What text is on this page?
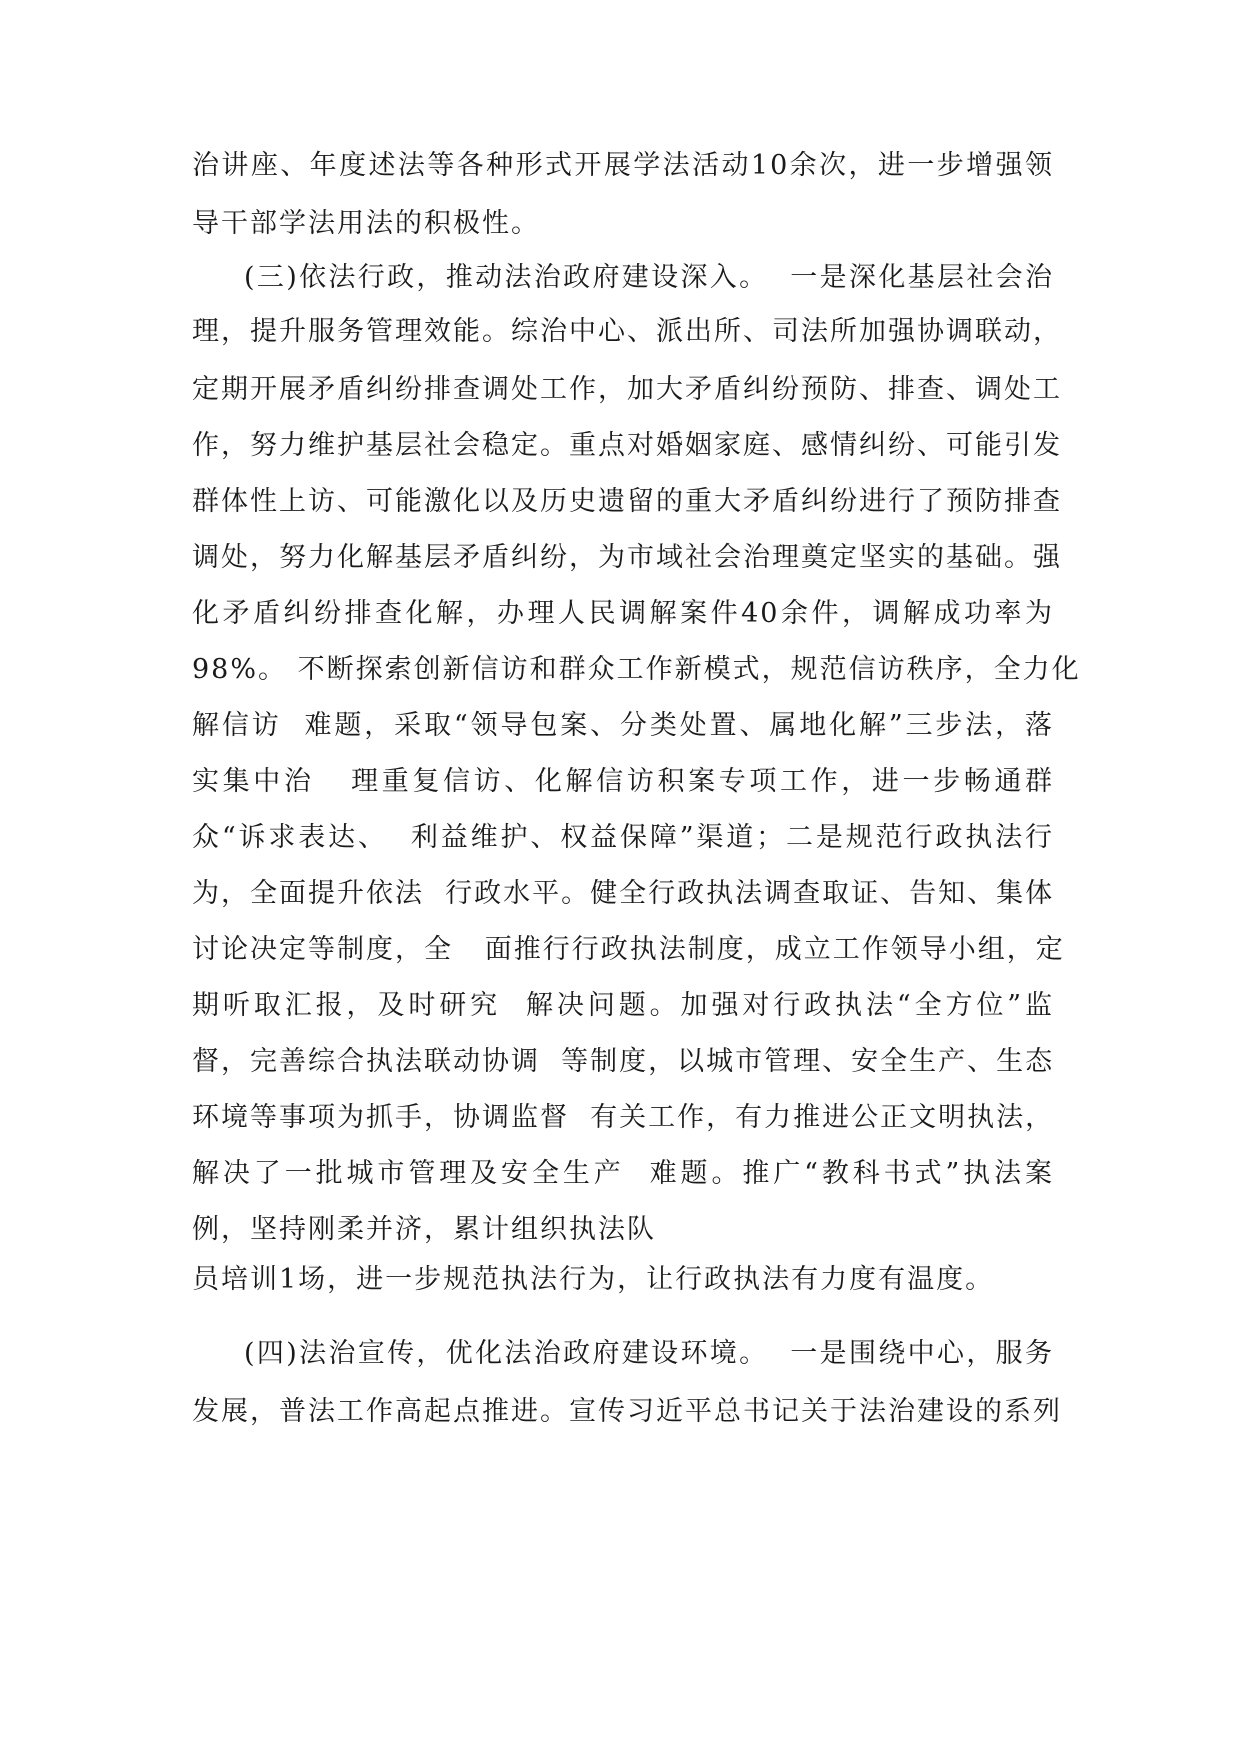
治讲座、年度述法等各种形式开展学法活动10余次，进一步增强领
导干部学法用法的积极性。
(三)依法行政，推动法治政府建设深入。  一是深化基层社会治
理，提升服务管理效能。综治中心、派出所、司法所加强协调联动，
定期开展矛盾纠纷排查调处工作，加大矛盾纠纷预防、排查、调处工
作，努力维护基层社会稳定。重点对婚姻家庭、感情纠纷、可能引发
群体性上访、可能激化以及历史遗留的重大矛盾纠纷进行了预防排查
调处，努力化解基层矛盾纠纷，为市域社会治理奠定坚实的基础。强
化矛盾纠纷排查化解，办理人民调解案件40余件，调解成功率为
98%。 不断探索创新信访和群众工作新模式，规范信访秩序，全力化
解信访  难题，采取“领导包案、分类处置、属地化解”三步法，落
实集中治   理重复信访、化解信访积案专项工作，进一步畅通群
众“诉求表达、  利益维护、权益保障”渠道；二是规范行政执法行
为，全面提升依法  行政水平。健全行政执法调查取证、告知、集体
讨论决定等制度，全   面推行行政执法制度，成立工作领导小组，定
期听取汇报，及时研究  解决问题。加强对行政执法“全方位”监
督，完善综合执法联动协调  等制度，以城市管理、安全生产、生态
环境等事项为抓手，协调监督  有关工作，有力推进公正文明执法，
解决了一批城市管理及安全生产  难题。推广“教科书式”执法案
例，坚持刚柔并济，累计组织执法队
员培训1场，进一步规范执法行为，让行政执法有力度有温度。
(四)法治宣传，优化法治政府建设环境。  一是围绕中心，服务
发展，普法工作高起点推进。宣传习近平总书记关于法治建设的系列
